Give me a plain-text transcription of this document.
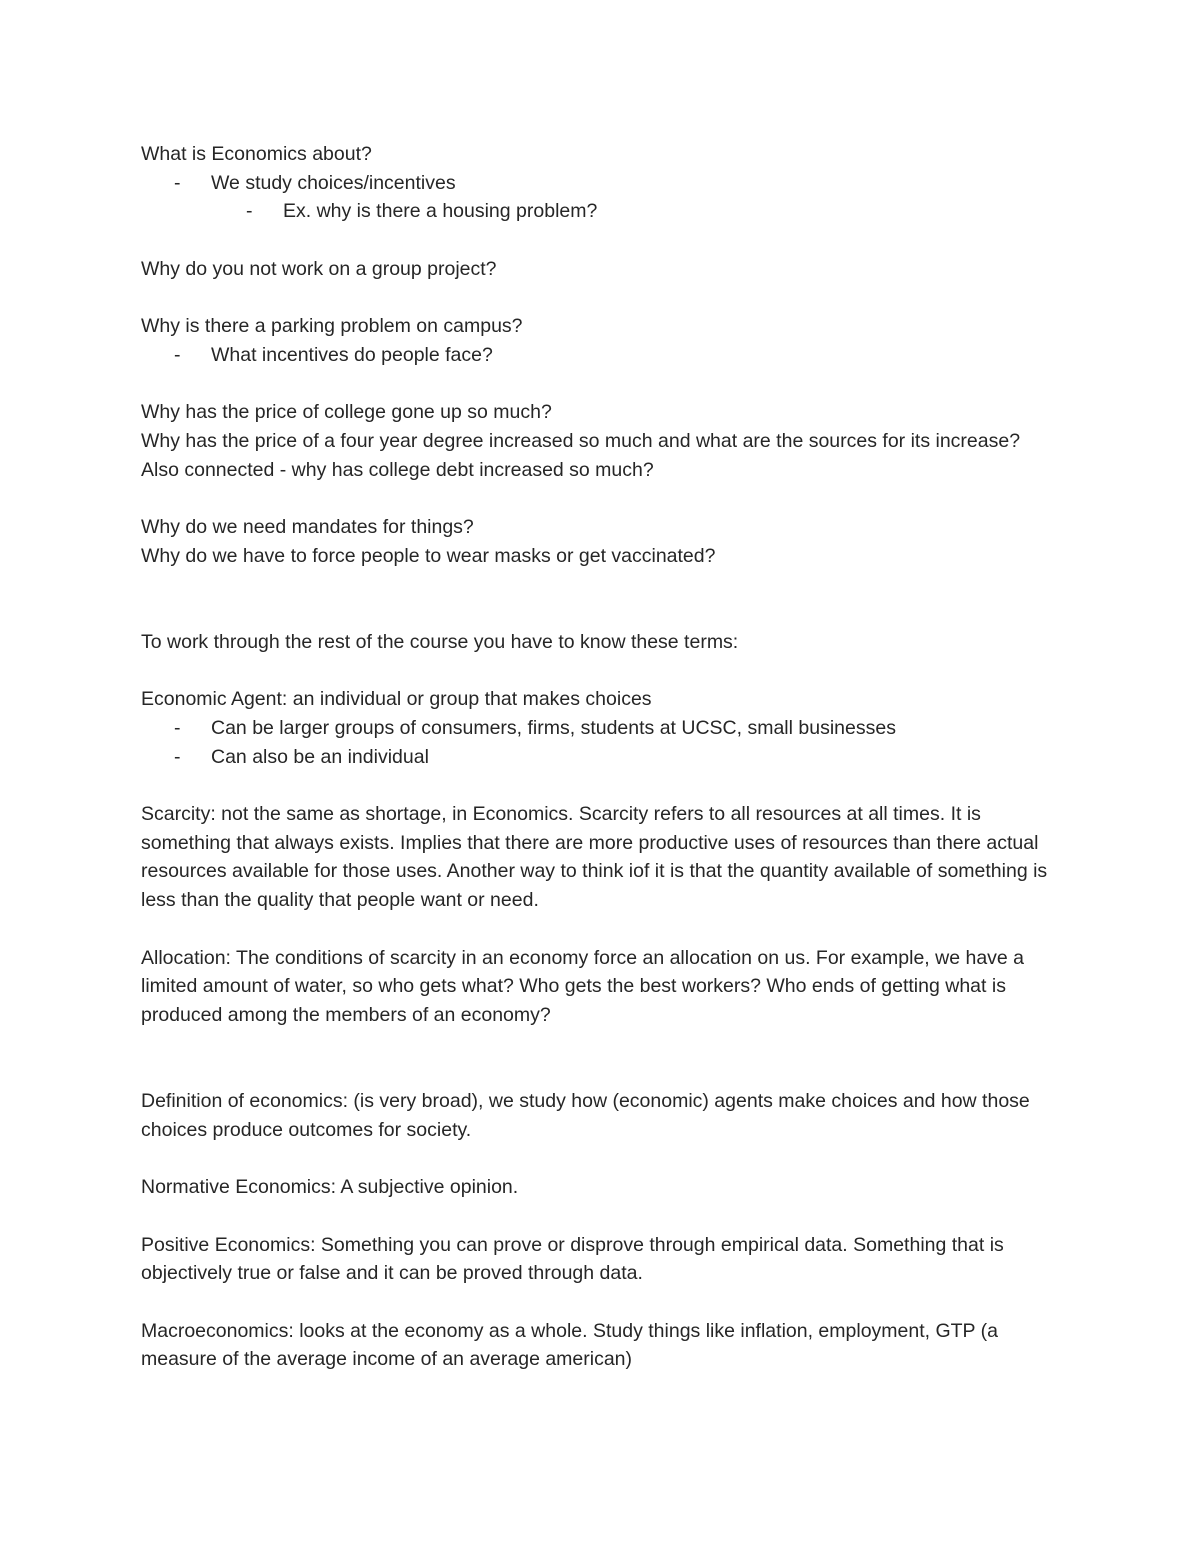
What is Economics about?

- We study choices/incentives

- Ex. why is there a housing problem?

Why do you not work on a group project?

Why is there a parking problem on campus?

- What incentives do people face?

Why has the price of college gone up so much?

Why has the price of a four year degree increased so much and what are the sources for its increase?

Also connected - why has college debt increased so much?

Why do we need mandates for things?

Why do we have to force people to wear masks or get vaccinated?

To work through the rest of the course you have to know these terms:

Economic Agent: an individual or group that makes choices

- Can be larger groups of consumers, firms, students at UCSC, small businesses

- Can also be an individual

Scarcity: not the same as shortage, in Economics. Scarcity refers to all resources at all times. It is something that always exists. Implies that there are more productive uses of resources than there actual resources available for those uses. Another way to think iof it is that the quantity available of something is less than the quality that people want or need.

Allocation: The conditions of scarcity in an economy force an allocation on us. For example, we have a limited amount of water, so who gets what? Who gets the best workers? Who ends of getting what is produced among the members of an economy?

Definition of economics: (is very broad), we study how (economic) agents make choices and how those choices produce outcomes for society.

Normative Economics: A subjective opinion.

Positive Economics: Something you can prove or disprove through empirical data. Something that is objectively true or false and it can be proved through data.

Macroeconomics: looks at the economy as a whole. Study things like inflation, employment, GTP (a measure of the average income of an average american)
